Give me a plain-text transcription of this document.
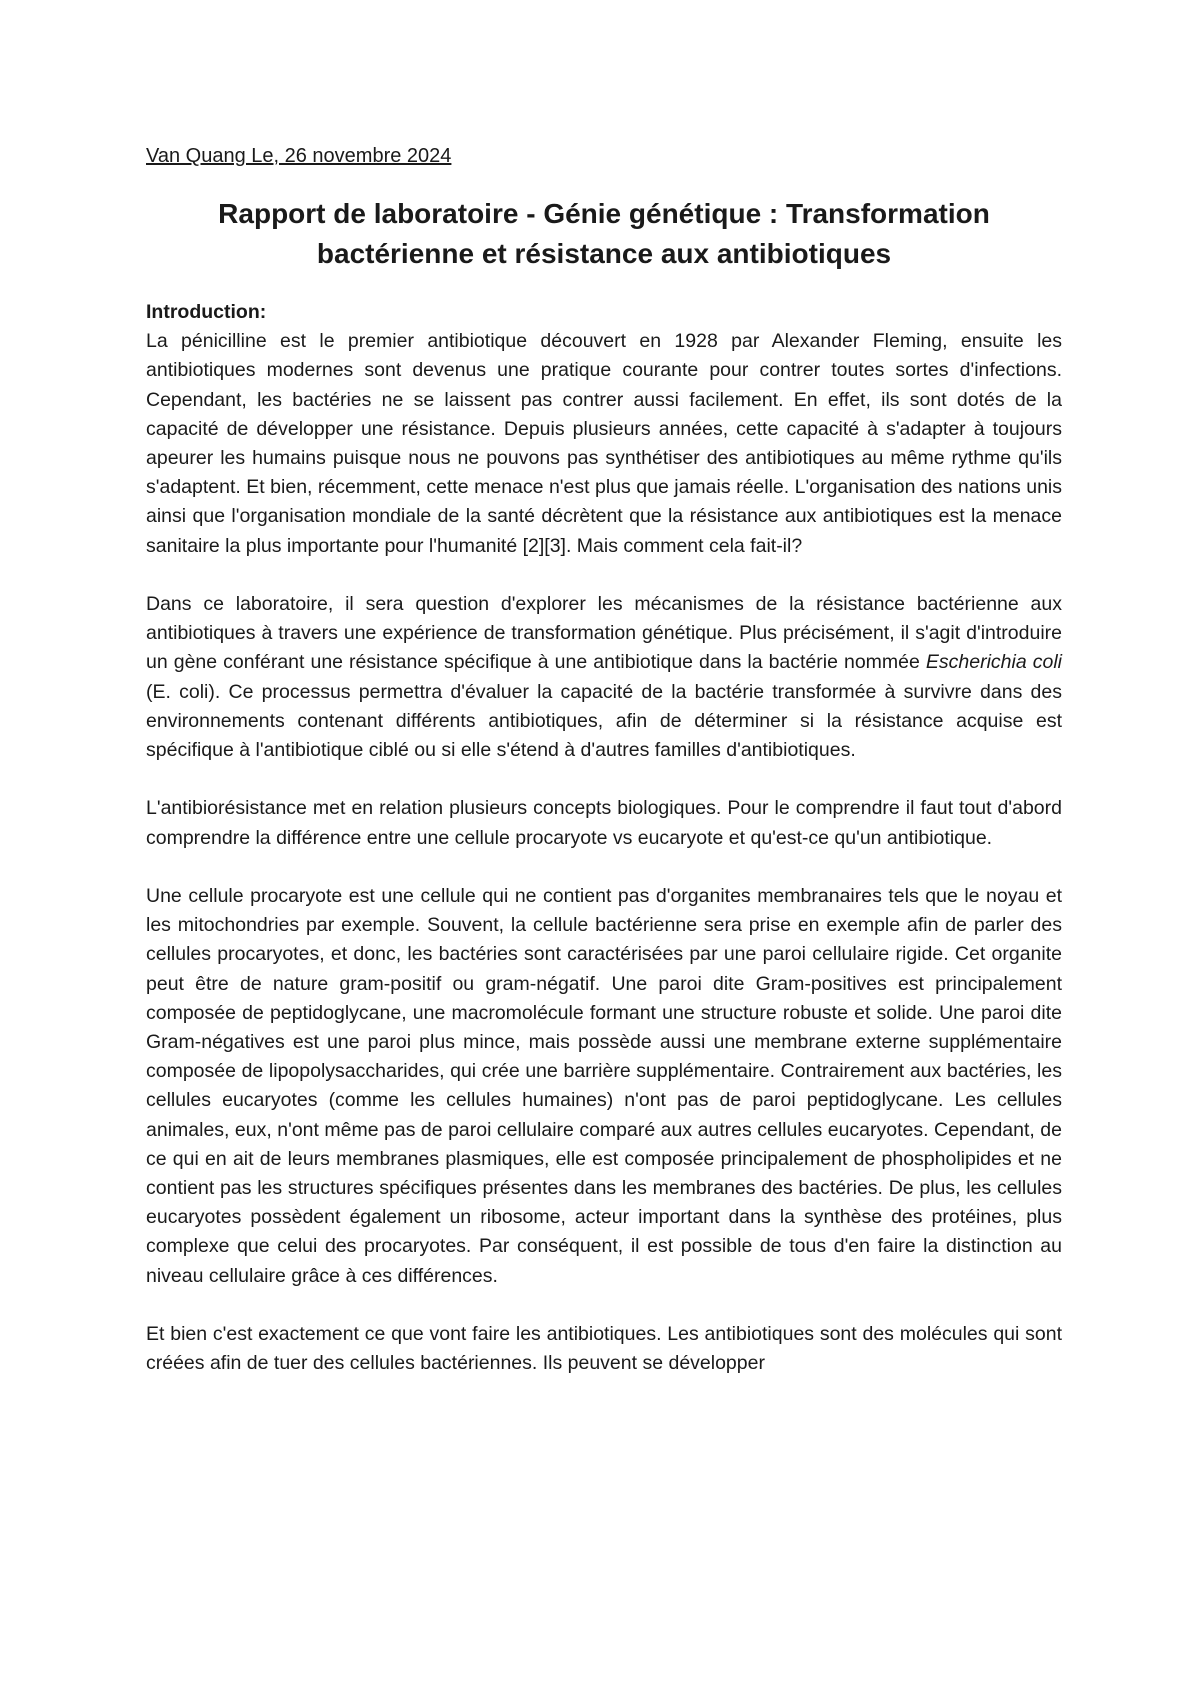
Van Quang Le, 26 novembre 2024

Rapport de laboratoire - Génie génétique : Transformation bactérienne et résistance aux antibiotiques

Introduction:

La pénicilline est le premier antibiotique découvert en 1928 par Alexander Fleming, ensuite les antibiotiques modernes sont devenus une pratique courante pour contrer toutes sortes d'infections. Cependant, les bactéries ne se laissent pas contrer aussi facilement. En effet, ils sont dotés de la capacité de développer une résistance. Depuis plusieurs années, cette capacité à s'adapter à toujours apeurer les humains puisque nous ne pouvons pas synthétiser des antibiotiques au même rythme qu'ils s'adaptent. Et bien, récemment, cette menace n'est plus que jamais réelle. L'organisation des nations unis ainsi que l'organisation mondiale de la santé décrètent que la résistance aux antibiotiques est la menace sanitaire la plus importante pour l'humanité [2][3]. Mais comment cela fait-il?

Dans ce laboratoire, il sera question d'explorer les mécanismes de la résistance bactérienne aux antibiotiques à travers une expérience de transformation génétique. Plus précisément, il s'agit d'introduire un gène conférant une résistance spécifique à une antibiotique dans la bactérie nommée Escherichia coli (E. coli). Ce processus permettra d'évaluer la capacité de la bactérie transformée à survivre dans des environnements contenant différents antibiotiques, afin de déterminer si la résistance acquise est spécifique à l'antibiotique ciblé ou si elle s'étend à d'autres familles d'antibiotiques.

L'antibiorésistance met en relation plusieurs concepts biologiques. Pour le comprendre il faut tout d'abord comprendre la différence entre une cellule procaryote vs eucaryote et qu'est-ce qu'un antibiotique.

Une cellule procaryote est une cellule qui ne contient pas d'organites membranaires tels que le noyau et les mitochondries par exemple. Souvent, la cellule bactérienne sera prise en exemple afin de parler des cellules procaryotes, et donc, les bactéries sont caractérisées par une paroi cellulaire rigide. Cet organite peut être de nature gram-positif ou gram-négatif. Une paroi dite Gram-positives est principalement composée de peptidoglycane, une macromolécule formant une structure robuste et solide. Une paroi dite Gram-négatives est une paroi plus mince, mais possède aussi une membrane externe supplémentaire composée de lipopolysaccharides, qui crée une barrière supplémentaire. Contrairement aux bactéries, les cellules eucaryotes (comme les cellules humaines) n'ont pas de paroi peptidoglycane. Les cellules animales, eux, n'ont même pas de paroi cellulaire comparé aux autres cellules eucaryotes. Cependant, de ce qui en ait de leurs membranes plasmiques, elle est composée principalement de phospholipides et ne contient pas les structures spécifiques présentes dans les membranes des bactéries. De plus, les cellules eucaryotes possèdent également un ribosome, acteur important dans la synthèse des protéines, plus complexe que celui des procaryotes. Par conséquent, il est possible de tous d'en faire la distinction au niveau cellulaire grâce à ces différences.

Et bien c'est exactement ce que vont faire les antibiotiques. Les antibiotiques sont des molécules qui sont créées afin de tuer des cellules bactériennes. Ils peuvent se développer
